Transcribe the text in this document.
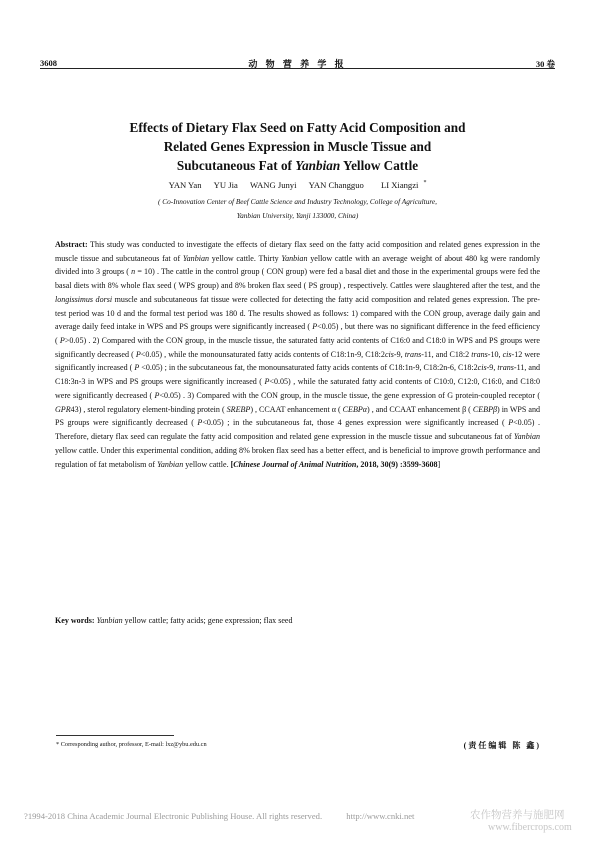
3608	动 物 营 养 学 报	30 卷
Effects of Dietary Flax Seed on Fatty Acid Composition and
Related Genes Expression in Muscle Tissue and
Subcutaneous Fat of Yanbian Yellow Cattle
YAN Yan YU Jia WANG Junyi YAN Changguo LI Xiangzi *
( Co-Innovation Center of Beef Cattle Science and Industry Technology, College of Agriculture,
Yanbian University, Yanji 133000, China)

Abstract: This study was conducted to investigate the effects of dietary flax seed on the fatty acid composition and related genes expression in the muscle tissue and subcutaneous fat of Yanbian yellow cattle. Thirty Yanbian yellow cattle with an average weight of about 480 kg were randomly divided into 3 groups ( n = 10) . The cattle in the control group ( CON group) were fed a basal diet and those in the experimental groups were fed the basal diets with 8% whole flax seed ( WPS group) and 8% broken flax seed ( PS group) , respectively. Cattles were slaughtered after the test, and the longissimus dorsi muscle and subcutaneous fat tissue were collected for detecting the fatty acid composition and related genes expression. The pre-test period was 10 d and the formal test period was 180 d. The results showed as follows: 1) compared with the CON group, average daily gain and average daily feed intake in WPS and PS groups were significantly increased ( P<0.05) , but there was no significant difference in the feed efficiency ( P>0.05) . 2) Compared with the CON group, in the muscle tissue, the saturated fatty acid contents of C16:0 and C18:0 in WPS and PS groups were significantly decreased ( P<0.05) , while the monounsaturated fatty acids contents of C18:1n-9, C18:2cis-9, trans-11, and C18:2 trans-10, cis-12 were significantly increased ( P <0.05) ; in the subcutaneous fat, the monounsaturated fatty acids contents of C18:1n-9, C18:2n-6, C18:2cis-9, trans-11, and C18:3n-3 in WPS and PS groups were significantly increased ( P<0.05) , while the saturated fatty acid contents of C10:0, C12:0, C16:0, and C18:0 were significantly decreased ( P<0.05) . 3) Compared with the CON group, in the muscle tissue, the gene expression of G protein-coupled receptor ( GPR43) , sterol regulatory element-binding protein ( SREBP) , CCAAT enhancement α ( CEBPα) , and CCAAT enhancement β ( CEBPβ) in WPS and PS groups were significantly decreased ( P<0.05) ; in the subcutaneous fat, those 4 genes expression were significantly increased ( P<0.05) . Therefore, dietary flax seed can regulate the fatty acid composition and related gene expression in the muscle tissue and subcutaneous fat of Yanbian yellow cattle. Under this experimental condition, adding 8% broken flax seed has a better effect, and is beneficial to improve growth performance and regulation of fat metabolism of Yanbian yellow cattle. [Chinese Journal of Animal Nutrition, 2018, 30(9) :3599-3608]

Key words: Yanbian yellow cattle; fatty acids; gene expression; flax seed
* Corresponding author, professor, E-mail: lxz@ybu.edu.cn	(责任编辑 陈 鑫)
?1994-2018 China Academic Journal Electronic Publishing House. All rights reserved.	http://www.cnki.net	农作物营养与施肥网
www.fibercrops.com
